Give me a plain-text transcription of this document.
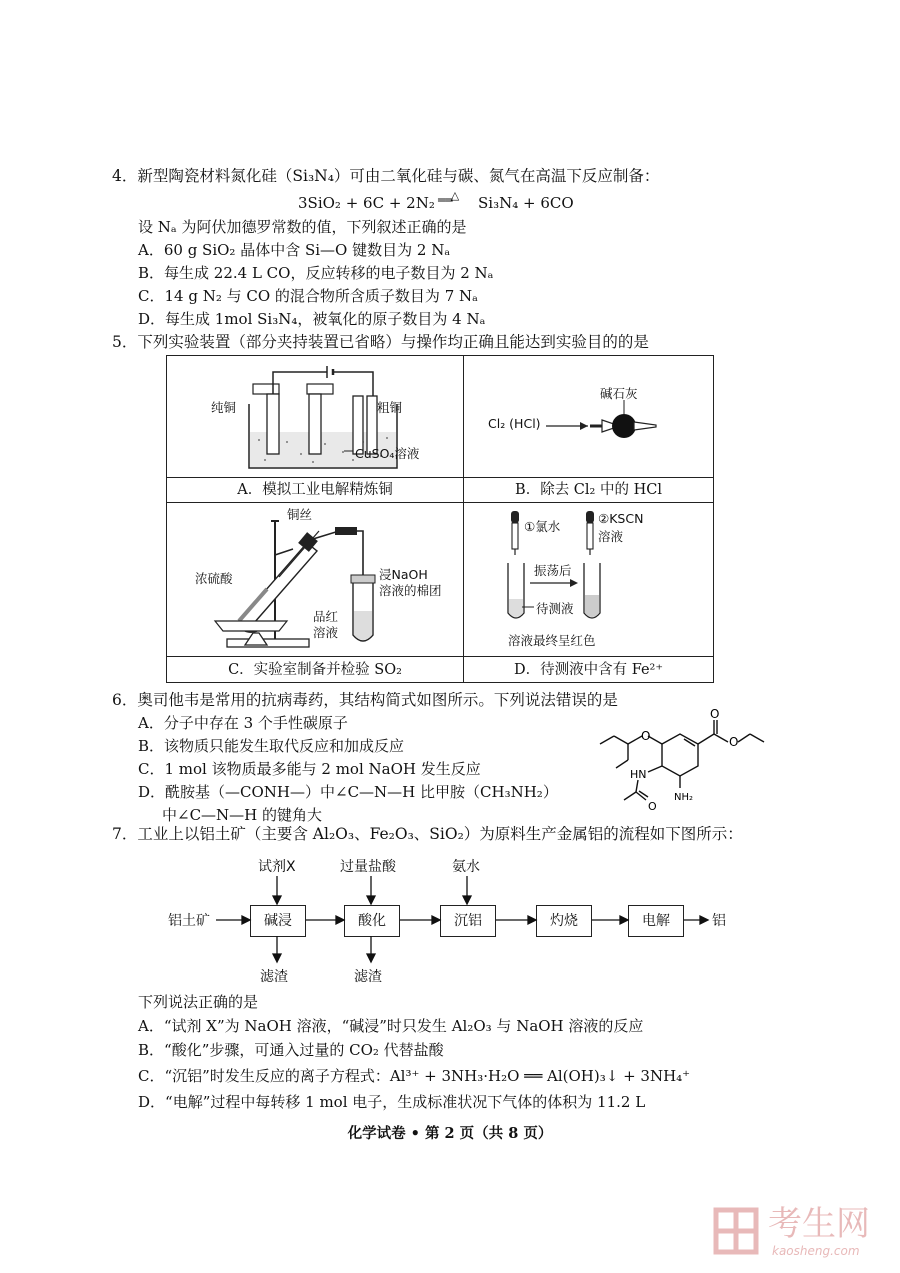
4．新型陶瓷材料氮化硅（Si₃N₄）可由二氧化硅与碳、氮气在高温下反应制备：
3SiO₂ + 6C + 2N₂	△
══ Si₃N₄ + 6CO
设 Nₐ 为阿伏加德罗常数的值，下列叙述正确的是
A．60 g SiO₂ 晶体中含 Si—O 键数目为 2 Nₐ
B．每生成 22.4 L CO，反应转移的电子数目为 2 Nₐ
C．14 g N₂ 与 CO 的混合物所含质子数目为 7 Nₐ
D．每生成 1mol Si₃N₄，被氧化的原子数目为 4 Nₐ
5．下列实验装置（部分夹持装置已省略）与操作均正确且能达到实验目的的是
纯铜	粗铜
CuSO₄溶液
A．模拟工业电解精炼铜
碱石灰
Cl₂ (HCl)
B．除去 Cl₂ 中的 HCl
铜丝
浓硫酸	浸NaOH
溶液的棉团
品红
溶液
C．实验室制备并检验 SO₂
①氯水
②KSCN
溶液
振荡后
待测液
溶液最终呈红色
D．待测液中含有 Fe²⁺
6．奥司他韦是常用的抗病毒药，其结构简式如图所示。下列说法错误的是
A．分子中存在 3 个手性碳原子
B．该物质只能发生取代反应和加成反应
C．1 mol 该物质最多能与 2 mol NaOH 发生反应
D．酰胺基（—CONH—）中∠C—N—H 比甲胺（CH₃NH₂）
中∠C—N—H 的键角大
O
O
O
HN
O
NH₂
7．工业上以铝土矿（主要含 Al₂O₃、Fe₂O₃、SiO₂）为原料生产金属铝的流程如下图所示：
试剂X	过量盐酸	氨水
铝土矿	碱浸	酸化	沉铝	灼烧	电解	铝
滤渣	滤渣
下列说法正确的是
A．“试剂 X”为 NaOH 溶液，“碱浸”时只发生 Al₂O₃ 与 NaOH 溶液的反应
B．“酸化”步骤，可通入过量的 CO₂ 代替盐酸
C．“沉铝”时发生反应的离子方程式：Al³⁺ + 3NH₃·H₂O ══ Al(OH)₃↓ + 3NH₄⁺
D．“电解”过程中每转移 1 mol 电子，生成标准状况下气体的体积为 11.2 L
化学试卷 • 第 2 页（共 8 页）
考生网
kaosheng.com
